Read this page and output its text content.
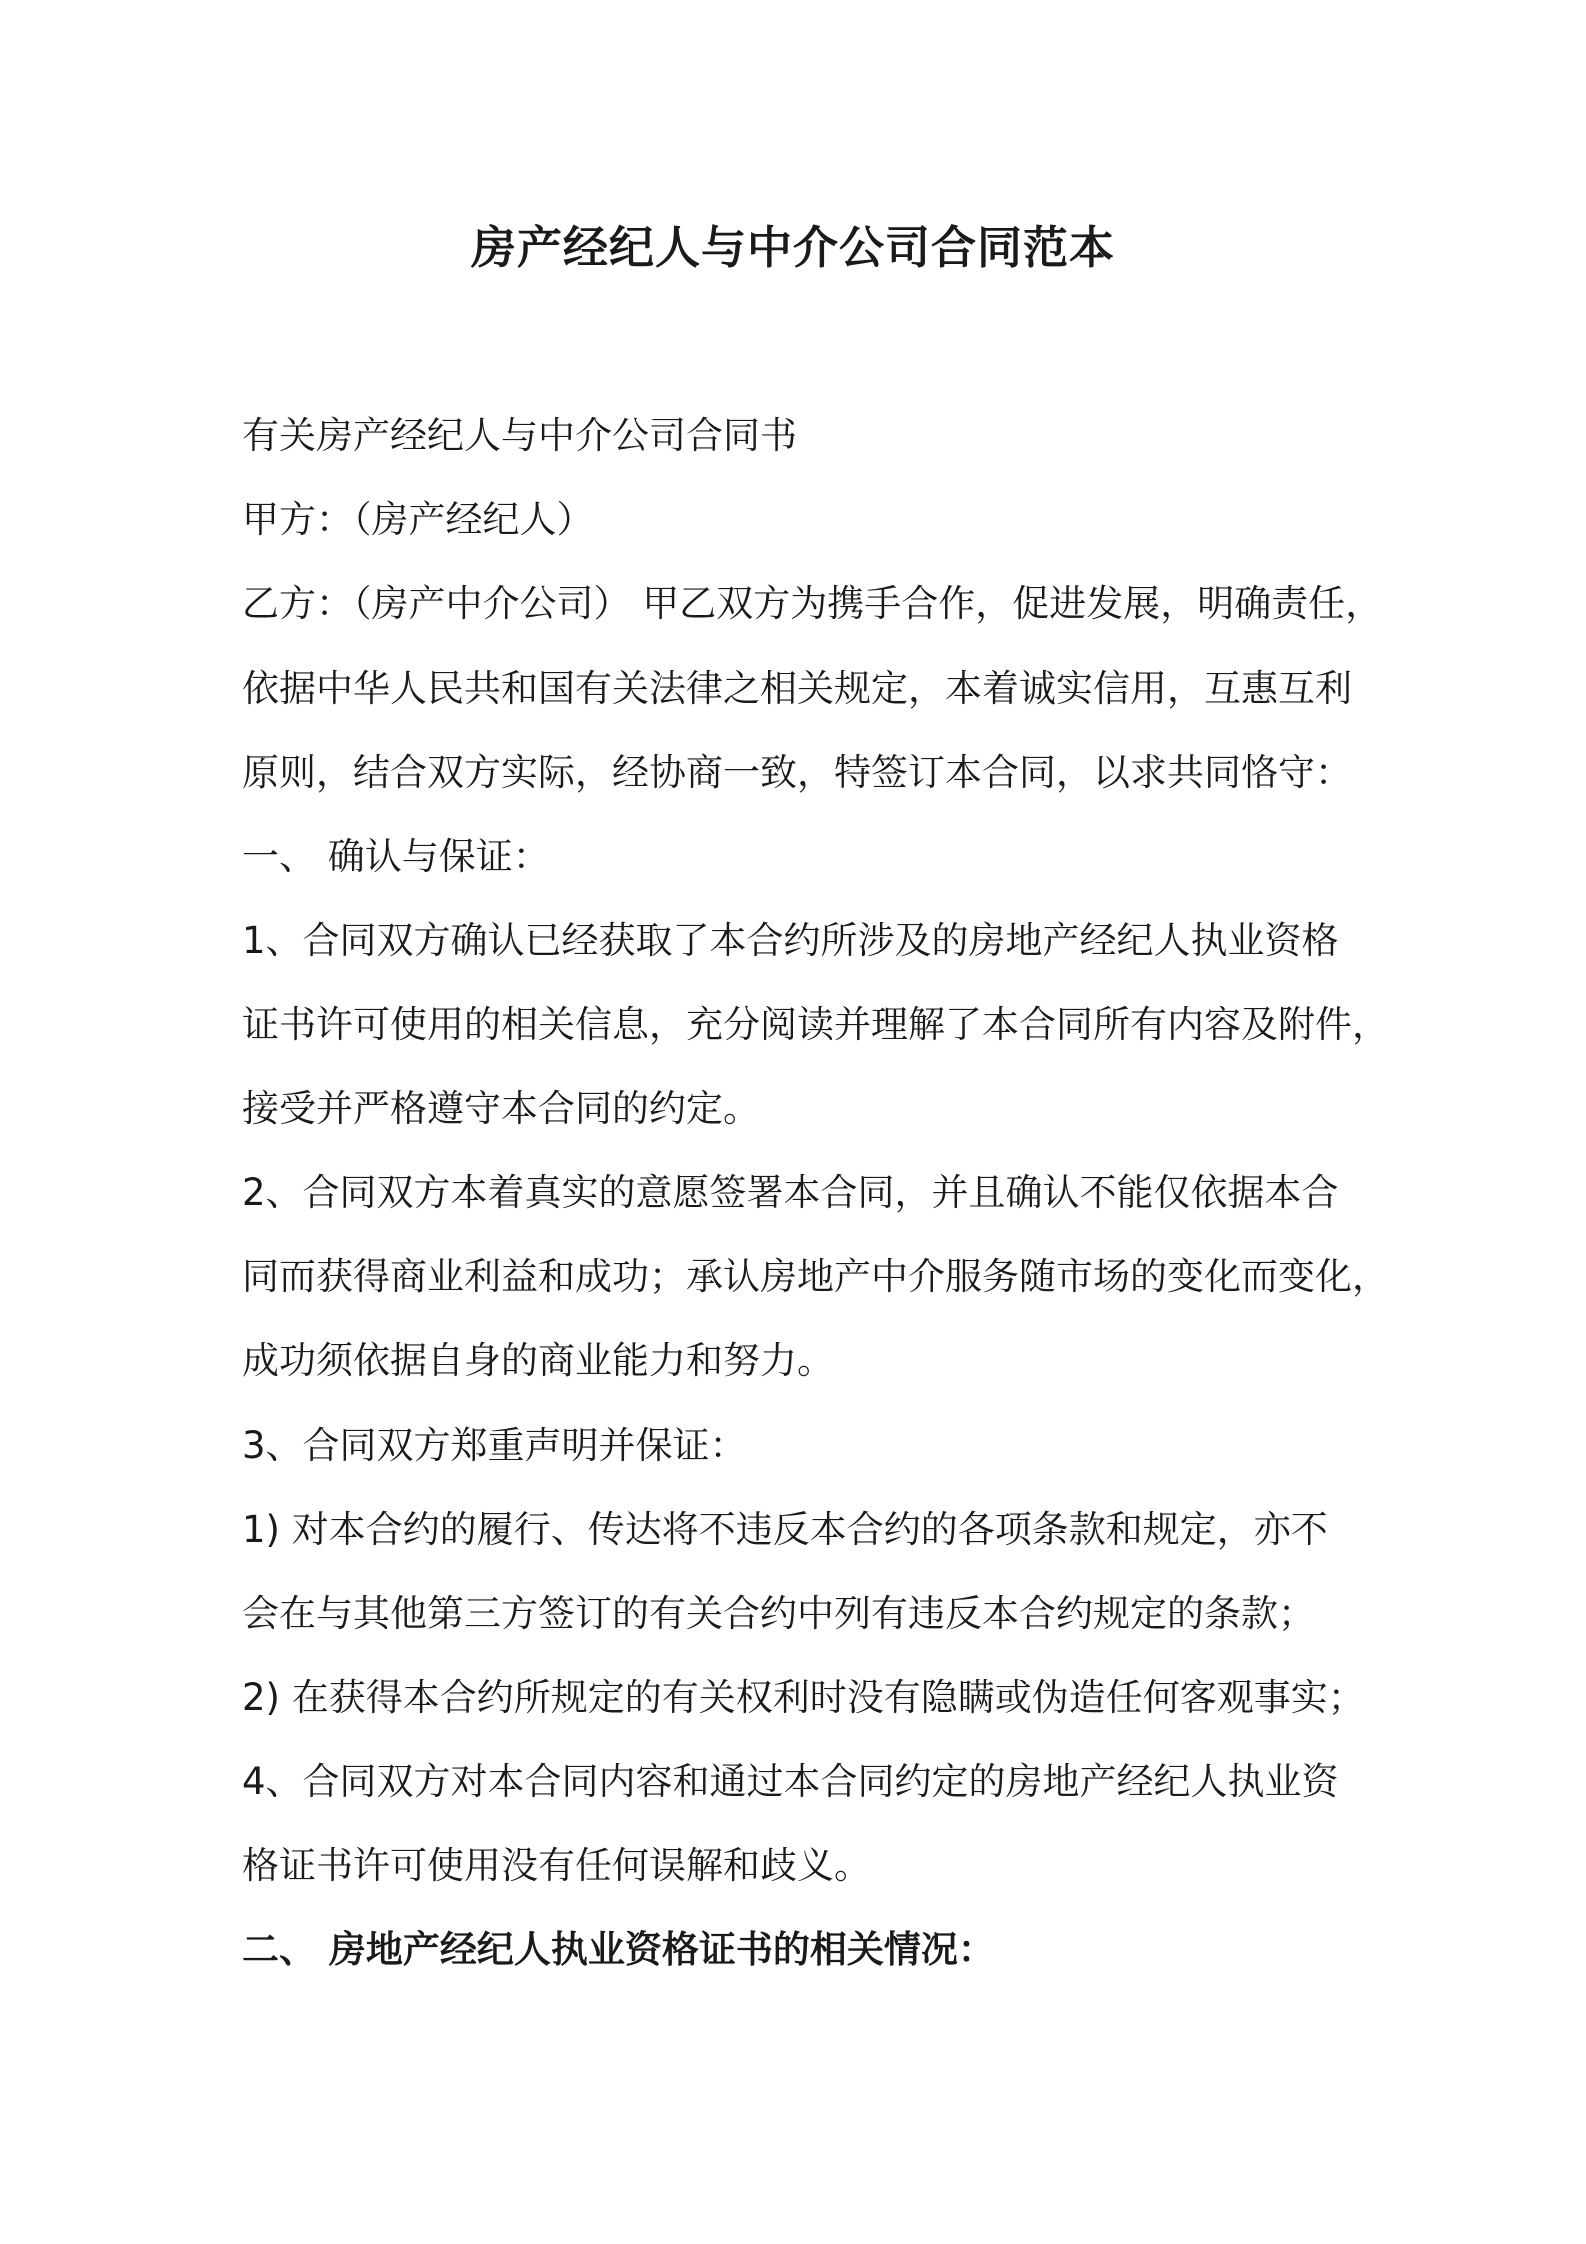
房产经纪人与中介公司合同范本
有关房产经纪人与中介公司合同书
甲方：（房产经纪人）
乙方：（房产中介公司） 甲乙双方为携手合作，促进发展，明确责任，
依据中华人民共和国有关法律之相关规定，本着诚实信用，互惠互利
原则，结合双方实际，经协商一致，特签订本合同，以求共同恪守：
一、 确认与保证：
1、合同双方确认已经获取了本合约所涉及的房地产经纪人执业资格
证书许可使用的相关信息，充分阅读并理解了本合同所有内容及附件，
接受并严格遵守本合同的约定。
2、合同双方本着真实的意愿签署本合同，并且确认不能仅依据本合
同而获得商业利益和成功；承认房地产中介服务随市场的变化而变化，
成功须依据自身的商业能力和努力。
3、合同双方郑重声明并保证：
1) 对本合约的履行、传达将不违反本合约的各项条款和规定，亦不
会在与其他第三方签订的有关合约中列有违反本合约规定的条款；
2) 在获得本合约所规定的有关权利时没有隐瞒或伪造任何客观事实；
4、合同双方对本合同内容和通过本合同约定的房地产经纪人执业资
格证书许可使用没有任何误解和歧义。
二、 房地产经纪人执业资格证书的相关情况：
